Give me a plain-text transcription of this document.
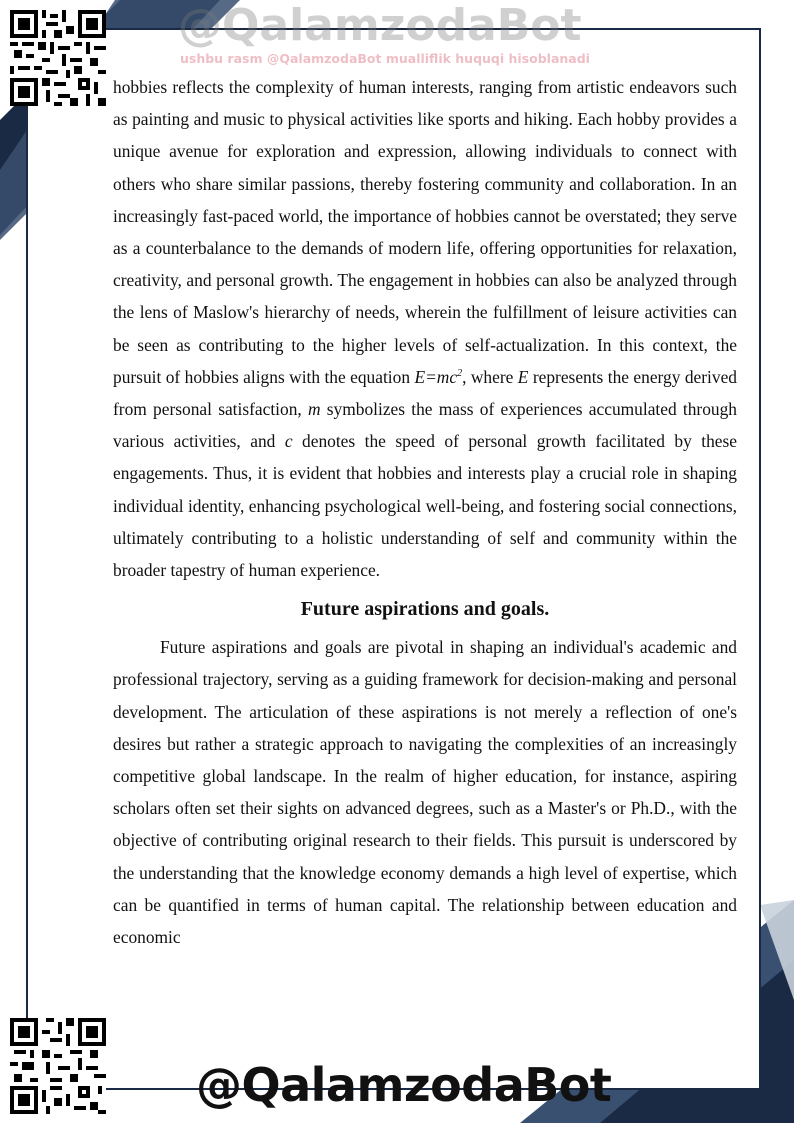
@QalamzodaBot
ushbu rasm @QalamzodaBot mualliflik huquqi hisoblanadi

hobbies reflects the complexity of human interests, ranging from artistic endeavors such as painting and music to physical activities like sports and hiking. Each hobby provides a unique avenue for exploration and expression, allowing individuals to connect with others who share similar passions, thereby fostering community and collaboration. In an increasingly fast-paced world, the importance of hobbies cannot be overstated; they serve as a counterbalance to the demands of modern life, offering opportunities for relaxation, creativity, and personal growth. The engagement in hobbies can also be analyzed through the lens of Maslow's hierarchy of needs, wherein the fulfillment of leisure activities can be seen as contributing to the higher levels of self-actualization. In this context, the pursuit of hobbies aligns with the equation $E=mc^2$, where E represents the energy derived from personal satisfaction, m symbolizes the mass of experiences accumulated through various activities, and c denotes the speed of personal growth facilitated by these engagements. Thus, it is evident that hobbies and interests play a crucial role in shaping individual identity, enhancing psychological well-being, and fostering social connections, ultimately contributing to a holistic understanding of self and community within the broader tapestry of human experience.

Future aspirations and goals.

Future aspirations and goals are pivotal in shaping an individual's academic and professional trajectory, serving as a guiding framework for decision-making and personal development. The articulation of these aspirations is not merely a reflection of one's desires but rather a strategic approach to navigating the complexities of an increasingly competitive global landscape. In the realm of higher education, for instance, aspiring scholars often set their sights on advanced degrees, such as a Master's or Ph.D., with the objective of contributing original research to their fields. This pursuit is underscored by the understanding that the knowledge economy demands a high level of expertise, which can be quantified in terms of human capital. The relationship between education and economic

@QalamzodaBot
